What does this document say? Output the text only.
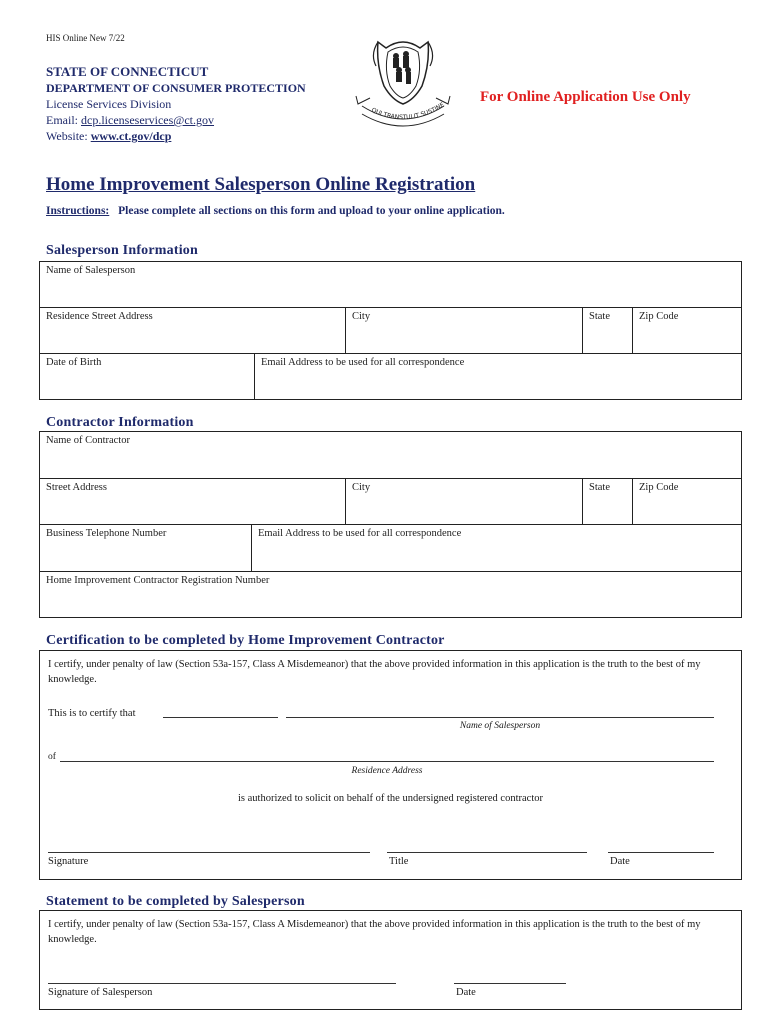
HIS Online New 7/22
STATE OF CONNECTICUT
DEPARTMENT OF CONSUMER PROTECTION
License Services Division
Email: dcp.licenseservices@ct.gov
Website: www.ct.gov/dcp
QUI TRANSTULIT SUSTINE
For Online Application Use Only
Home Improvement Salesperson Online Registration
Instructions: Please complete all sections on this form and upload to your online application.
Salesperson Information
Name of Salesperson
Residence Street Address	City	State	Zip Code
Date of Birth	Email Address to be used for all correspondence
Contractor Information
Name of Contractor
Street Address	City	State	Zip Code
Business Telephone Number	Email Address to be used for all correspondence
Home Improvement Contractor Registration Number
Certification to be completed by Home Improvement Contractor
I certify, under penalty of law (Section 53a-157, Class A Misdemeanor) that the above provided information in this application is the truth to the best of my knowledge.
This is to certify that
Name of Salesperson
of
Residence Address
is authorized to solicit on behalf of the undersigned registered contractor
Signature	Title	Date
Statement to be completed by Salesperson
I certify, under penalty of law (Section 53a-157, Class A Misdemeanor) that the above provided information in this application is the truth to the best of my knowledge.
Signature of Salesperson	Date
